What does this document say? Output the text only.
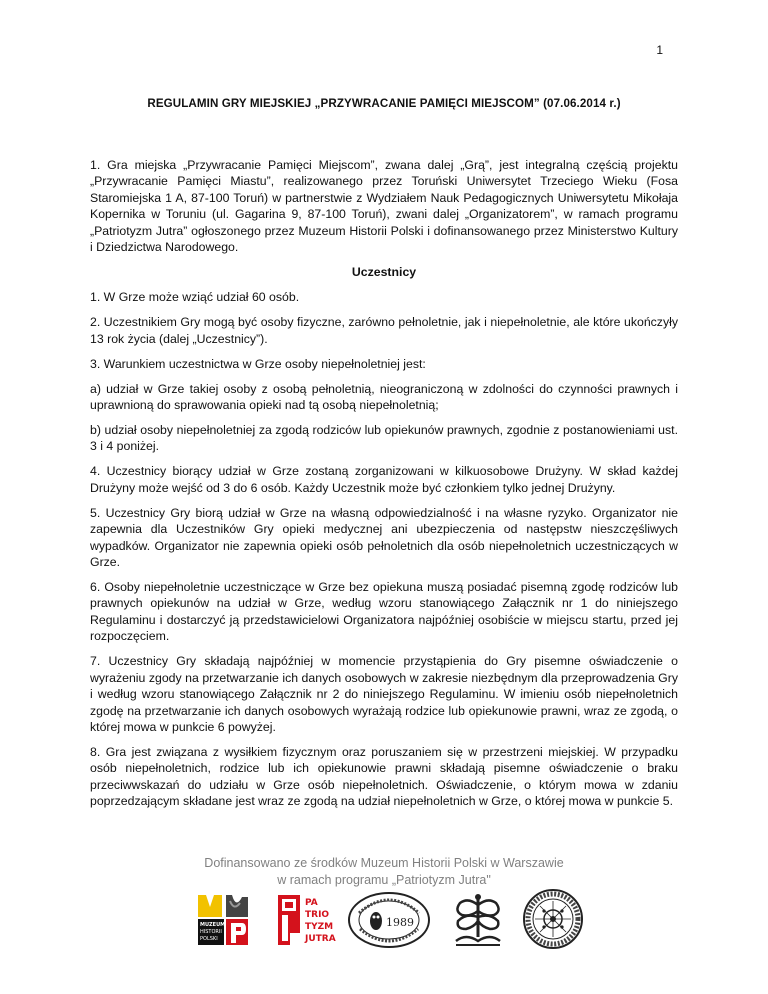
1
REGULAMIN GRY MIEJSKIEJ „PRZYWRACANIE PAMIĘCI MIEJSCOM” (07.06.2014 r.)

1. Gra miejska „Przywracanie Pamięci Miejscom”, zwana dalej „Grą”, jest integralną częścią projektu „Przywracanie Pamięci Miastu”, realizowanego przez Toruński Uniwersytet Trzeciego Wieku (Fosa Staromiejska 1 A, 87-100 Toruń) w partnerstwie z Wydziałem Nauk Pedagogicznych Uniwersytetu Mikołaja Kopernika w Toruniu (ul. Gagarina 9, 87-100 Toruń), zwani dalej „Organizatorem”, w ramach programu „Patriotyzm Jutra” ogłoszonego przez Muzeum Historii Polski i dofinansowanego przez Ministerstwo Kultury i Dziedzictwa Narodowego.

Uczestnicy

1. W Grze może wziąć udział 60 osób.

2. Uczestnikiem Gry mogą być osoby fizyczne, zarówno pełnoletnie, jak i niepełnoletnie, ale które ukończyły 13 rok życia (dalej „Uczestnicy”).

3. Warunkiem uczestnictwa w Grze osoby niepełnoletniej jest:

a) udział w Grze takiej osoby z osobą pełnoletnią, nieograniczoną w zdolności do czynności prawnych i uprawnioną do sprawowania opieki nad tą osobą niepełnoletnią;

b) udział osoby niepełnoletniej za zgodą rodziców lub opiekunów prawnych, zgodnie z postanowieniami ust. 3 i 4 poniżej.

4. Uczestnicy biorący udział w Grze zostaną zorganizowani w kilkuosobowe Drużyny. W skład każdej Drużyny może wejść od 3 do 6 osób. Każdy Uczestnik może być członkiem tylko jednej Drużyny.

5. Uczestnicy Gry biorą udział w Grze na własną odpowiedzialność i na własne ryzyko. Organizator nie zapewnia dla Uczestników Gry opieki medycznej ani ubezpieczenia od następstw nieszczęśliwych wypadków. Organizator nie zapewnia opieki osób pełnoletnich dla osób niepełnoletnich uczestniczących w Grze.

6. Osoby niepełnoletnie uczestniczące w Grze bez opiekuna muszą posiadać pisemną zgodę rodziców lub prawnych opiekunów na udział w Grze, według wzoru stanowiącego Załącznik nr 1 do niniejszego Regulaminu i dostarczyć ją przedstawicielowi Organizatora najpóźniej osobiście w miejscu startu, przed jej rozpoczęciem.

7. Uczestnicy Gry składają najpóźniej w momencie przystąpienia do Gry pisemne oświadczenie o wyrażeniu zgody na przetwarzanie ich danych osobowych w zakresie niezbędnym dla przeprowadzenia Gry i według wzoru stanowiącego Załącznik nr 2 do niniejszego Regulaminu. W imieniu osób niepełnoletnich zgodę na przetwarzanie ich danych osobowych wyrażają rodzice lub opiekunowie prawni, wraz ze zgodą, o której mowa w punkcie 6 powyżej.

8. Gra jest związana z wysiłkiem fizycznym oraz poruszaniem się w przestrzeni miejskiej. W przypadku osób niepełnoletnich, rodzice lub ich opiekunowie prawni składają pisemne oświadczenie o braku przeciwwskazań do udziału w Grze osób niepełnoletnich. Oświadczenie, o którym mowa w zdaniu poprzedzającym składane jest wraz ze zgodą na udział niepełnoletnich w Grze, o której mowa w punkcie 5.

Dofinansowano ze środków Muzeum Historii Polski w Warszawie
w ramach programu „Patriotyzm Jutra"
MUZEUM
HISTORII
POLSKI
PA
TRIO
TYZM
JUTRA
1989
